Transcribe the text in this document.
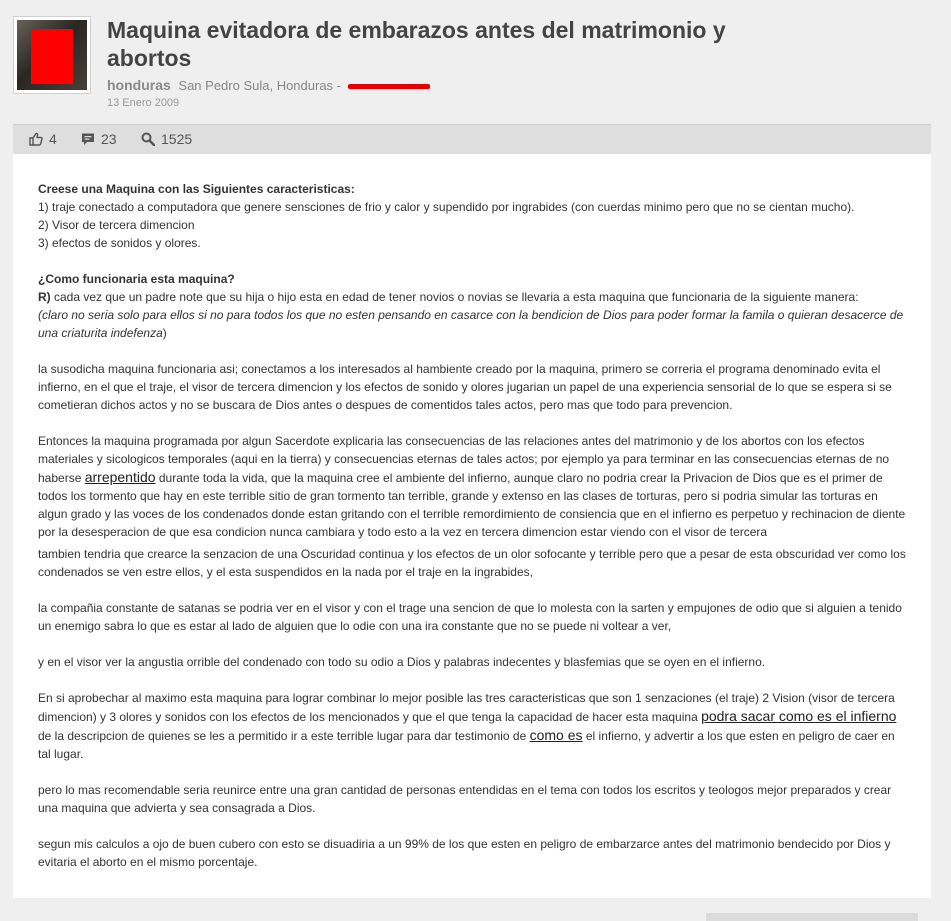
Maquina evitadora de embarazos antes del matrimonio y abortos
honduras San Pedro Sula, Honduras -
13 Enero 2009
4	23	1525

Creese una Maquina con las Siguientes caracteristicas:
1) traje conectado a computadora que genere sensciones de frio y calor y supendido por ingrabides (con cuerdas minimo pero que no se cientan mucho).
2) Visor de tercera dimencion
3) efectos de sonidos y olores.

¿Como funcionaria esta maquina?
R) cada vez que un padre note que su hija o hijo esta en edad de tener novios o novias se llevaria a esta maquina que funcionaria de la siguiente manera:
(claro no seria solo para ellos si no para todos los que no esten pensando en casarce con la bendicion de Dios para poder formar la famila o quieran desacerce de una criaturita indefenza)

la susodicha maquina funcionaria asi; conectamos a los interesados al hambiente creado por la maquina, primero se correria el programa denominado evita el infierno, en el que el traje, el visor de tercera dimencion y los efectos de sonido y olores jugarian un papel de una experiencia sensorial de lo que se espera si se cometieran dichos actos y no se buscara de Dios antes o despues de comentidos tales actos, pero mas que todo para prevencion.

Entonces la maquina programada por algun Sacerdote explicaria las consecuencias de las relaciones antes del matrimonio y de los abortos con los efectos materiales y sicologicos temporales (aqui en la tierra) y consecuencias eternas de tales actos; por ejemplo ya para terminar en las consecuencias eternas de no haberse arrepentido durante toda la vida, que la maquina cree el ambiente del infierno, aunque claro no podria crear la Privacion de Dios que es el primer de todos los tormento que hay en este terrible sitio de gran tormento tan terrible, grande y extenso en las clases de torturas, pero si podria simular las torturas en algun grado y las voces de los condenados donde estan gritando con el terrible remordimiento de consiencia que en el infierno es perpetuo y rechinacion de diente por la desesperacion de que esa condicion nunca cambiara y todo esto a la vez en tercera dimencion estar viendo con el visor de tercera

tambien tendria que crearce la senzacion de una Oscuridad continua y los efectos de un olor sofocante y terrible pero que a pesar de esta obscuridad ver como los condenados se ven estre ellos, y el esta suspendidos en la nada por el traje en la ingrabides,

la compañia constante de satanas se podria ver en el visor y con el trage una sencion de que lo molesta con la sarten y empujones de odio que si alguien a tenido un enemigo sabra lo que es estar al lado de alguien que lo odie con una ira constante que no se puede ni voltear a ver,

y en el visor ver la angustia orrible del condenado con todo su odio a Dios y palabras indecentes y blasfemias que se oyen en el infierno.

En si aprobechar al maximo esta maquina para lograr combinar lo mejor posible las tres caracteristicas que son 1 senzaciones (el traje) 2 Vision (visor de tercera dimencion) y 3 olores y sonidos con los efectos de los mencionados y que el que tenga la capacidad de hacer esta maquina podra sacar como es el infierno de la descripcion de quienes se les a permitido ir a este terrible lugar para dar testimonio de como es el infierno, y advertir a los que esten en peligro de caer en tal lugar.

pero lo mas recomendable seria reunirce entre una gran cantidad de personas entendidas en el tema con todos los escritos y teologos mejor preparados y crear una maquina que advierta y sea consagrada a Dios.

segun mis calculos a ojo de buen cubero con esto se disuadiria a un 99% de los que esten en peligro de embarzarce antes del matrimonio bendecido por Dios y evitaria el aborto en el mismo porcentaje.
